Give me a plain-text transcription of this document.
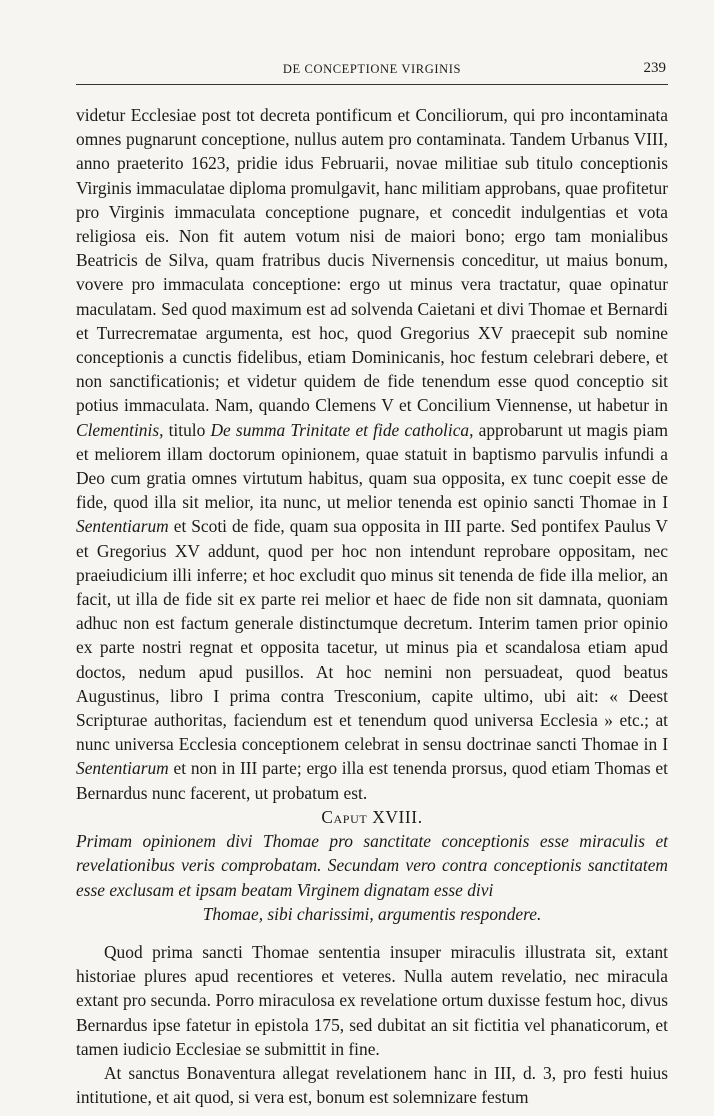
DE CONCEPTIONE VIRGINIS	239

videtur Ecclesiae post tot decreta pontificum et Conciliorum, qui pro incontaminata omnes pugnarunt conceptione, nullus autem pro contaminata. Tandem Urbanus VIII, anno praeterito 1623, pridie idus Februarii, novae militiae sub titulo conceptionis Virginis immaculatae diploma promulgavit, hanc militiam approbans, quae profitetur pro Virginis immaculata conceptione pugnare, et concedit indulgentias et vota religiosa eis. Non fit autem votum nisi de maiori bono; ergo tam monialibus Beatricis de Silva, quam fratribus ducis Nivernensis conceditur, ut maius bonum, vovere pro immaculata conceptione: ergo ut minus vera tractatur, quae opinatur maculatam. Sed quod maximum est ad solvenda Caietani et divi Thomae et Bernardi et Turrecrematae argumenta, est hoc, quod Gregorius XV praecepit sub nomine conceptionis a cunctis fidelibus, etiam Dominicanis, hoc festum celebrari debere, et non sanctificationis; et videtur quidem de fide tenendum esse quod conceptio sit potius immaculata. Nam, quando Clemens V et Concilium Viennense, ut habetur in Clementinis, titulo De summa Trinitate et fide catholica, approbarunt ut magis piam et meliorem illam doctorum opinionem, quae statuit in baptismo parvulis infundi a Deo cum gratia omnes virtutum habitus, quam sua opposita, ex tunc coepit esse de fide, quod illa sit melior, ita nunc, ut melior tenenda est opinio sancti Thomae in I Sententiarum et Scoti de fide, quam sua opposita in III parte. Sed pontifex Paulus V et Gregorius XV addunt, quod per hoc non intendunt reprobare oppositam, nec praeiudicium illi inferre; et hoc excludit quo minus sit tenenda de fide illa melior, an facit, ut illa de fide sit ex parte rei melior et haec de fide non sit damnata, quoniam adhuc non est factum generale distinctumque decretum. Interim tamen prior opinio ex parte nostri regnat et opposita tacetur, ut minus pia et scandalosa etiam apud doctos, nedum apud pusillos. At hoc nemini non persuadeat, quod beatus Augustinus, libro I prima contra Tresconium, capite ultimo, ubi ait: « Deest Scripturae authoritas, faciendum est et tenendum quod universa Ecclesia » etc.; at nunc universa Ecclesia conceptionem celebrat in sensu doctrinae sancti Thomae in I Sententiarum et non in III parte; ergo illa est tenenda prorsus, quod etiam Thomas et Bernardus nunc facerent, ut probatum est.

Caput XVIII.

Primam opinionem divi Thomae pro sanctitate conceptionis esse miraculis et revelationibus veris comprobatam. Secundam vero contra conceptionis sanctitatem esse exclusam et ipsam beatam Virginem dignatam esse divi
Thomae, sibi charissimi, argumentis respondere.

Quod prima sancti Thomae sententia insuper miraculis illustrata sit, extant historiae plures apud recentiores et veteres. Nulla autem revelatio, nec miracula extant pro secunda. Porro miraculosa ex revelatione ortum duxisse festum hoc, divus Bernardus ipse fatetur in epistola 175, sed dubitat an sit fictitia vel phanaticorum, et tamen iudicio Ecclesiae se submittit in fine.

At sanctus Bonaventura allegat revelationem hanc in III, d. 3, pro festi huius intitutione, et ait quod, si vera est, bonum est solemnizare festum
